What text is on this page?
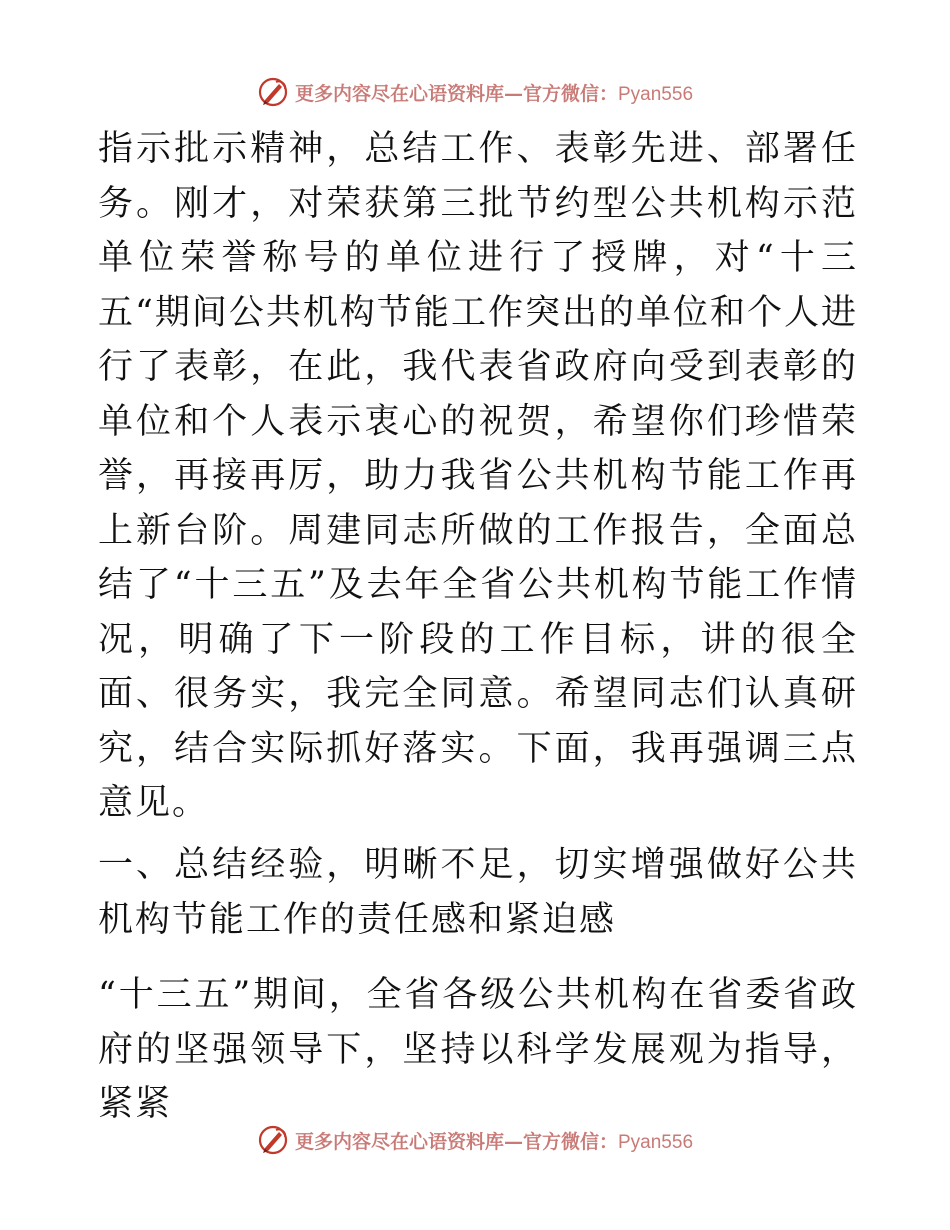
更多内容尽在心语资料库—官方微信：Pyan556

指示批示精神，总结工作、表彰先进、部署任务。刚才，对荣获第三批节约型公共机构示范单位荣誉称号的单位进行了授牌，对“十三五“期间公共机构节能工作突出的单位和个人进行了表彰，在此，我代表省政府向受到表彰的单位和个人表示衷心的祝贺，希望你们珍惜荣誉，再接再厉，助力我省公共机构节能工作再上新台阶。周建同志所做的工作报告，全面总结了“十三五”及去年全省公共机构节能工作情况，明确了下一阶段的工作目标，讲的很全面、很务实，我完全同意。希望同志们认真研究，结合实际抓好落实。下面，我再强调三点意见。

一、总结经验，明晰不足，切实增强做好公共机构节能工作的责任感和紧迫感

“十三五”期间，全省各级公共机构在省委省政府的坚强领导下，坚持以科学发展观为指导，紧紧

更多内容尽在心语资料库—官方微信：Pyan556
